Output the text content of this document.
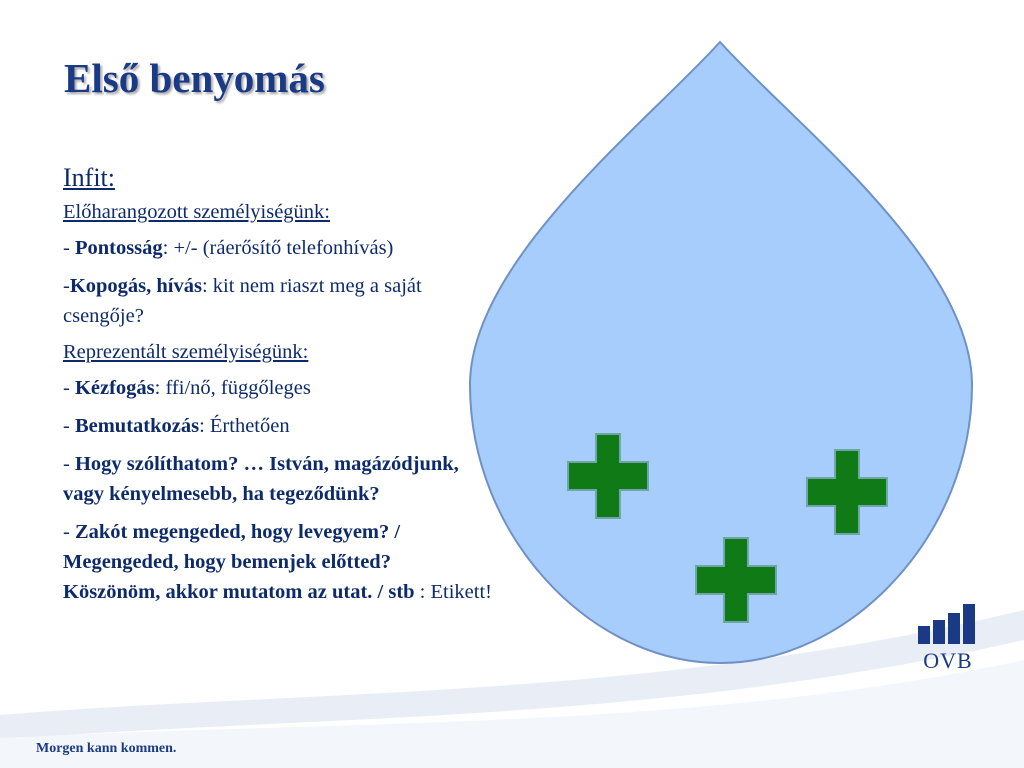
Első benyomás
Infit:
Előharangozott személyiségünk:
- Pontosság: +/- (ráerősítő telefonhívás)
-Kopogás, hívás: kit nem riaszt meg a saját csengője?
Reprezentált személyiségünk:
- Kézfogás: ffi/nő, függőleges
- Bemutatkozás: Érthetően
- Hogy szólíthatom? … István, magázódjunk, vagy kényelmesebb, ha tegeződünk?
- Zakót megengeded, hogy levegyem? / Megengeded, hogy bemenjek előtted? Köszönöm, akkor mutatom az utat. / stb : Etikett!
OVB
Morgen kann kommen.
